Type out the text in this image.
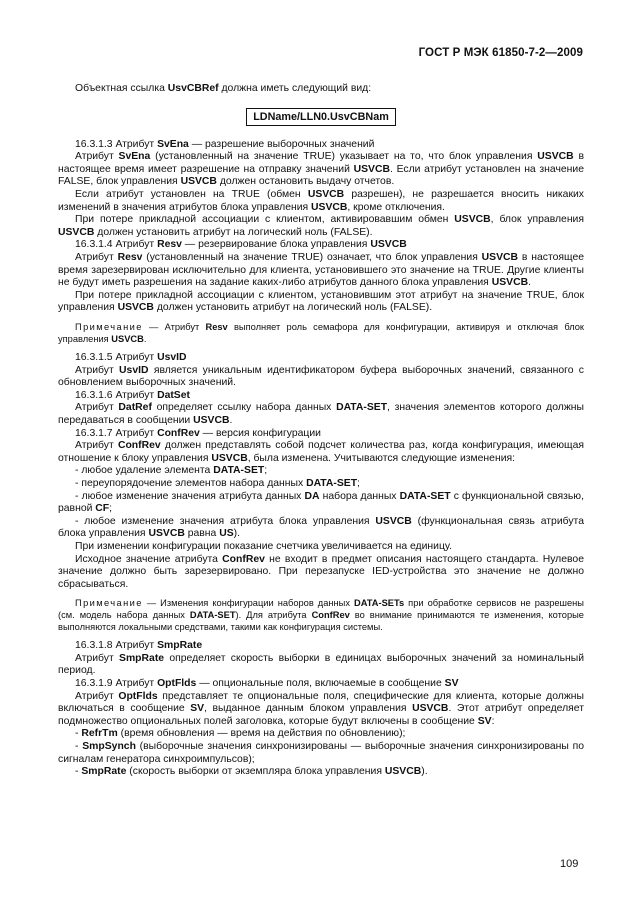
ГОСТ Р МЭК 61850-7-2—2009

Объектная ссылка UsvCBRef должна иметь следующий вид:

LDName/LLN0.UsvCBNam

16.3.1.3 Атрибут SvEna — разрешение выборочных значений

Атрибут SvEna (установленный на значение TRUE) указывает на то, что блок управления USVCB в настоящее время имеет разрешение на отправку значений USVCB. Если атрибут установлен на значение FALSE, блок управления USVCB должен остановить выдачу отчетов.

Если атрибут установлен на TRUE (обмен USVCB разрешен), не разрешается вносить никаких изменений в значения атрибутов блока управления USVCB, кроме отключения.

При потере прикладной ассоциации с клиентом, активировавшим обмен USVCB, блок управления USVCB должен установить атрибут на логический ноль (FALSE).

16.3.1.4 Атрибут Resv — резервирование блока управления USVCB

Атрибут Resv (установленный на значение TRUE) означает, что блок управления USVCB в настоящее время зарезервирован исключительно для клиента, установившего это значение на TRUE. Другие клиенты не будут иметь разрешения на задание каких-либо атрибутов данного блока управления USVCB.

При потере прикладной ассоциации с клиентом, установившим этот атрибут на значение TRUE, блок управления USVCB должен установить атрибут на логический ноль (FALSE).

Примечание — Атрибут Resv выполняет роль семафора для конфигурации, активируя и отключая блок управления USVCB.

16.3.1.5 Атрибут UsvID

Атрибут UsvID является уникальным идентификатором буфера выборочных значений, связанного с обновлением выборочных значений.

16.3.1.6 Атрибут DatSet

Атрибут DatRef определяет ссылку набора данных DATA-SET, значения элементов которого должны передаваться в сообщении USVCB.

16.3.1.7 Атрибут ConfRev — версия конфигурации

Атрибут ConfRev должен представлять собой подсчет количества раз, когда конфигурация, имеющая отношение к блоку управления USVCB, была изменена. Учитываются следующие изменения:

- любое удаление элемента DATA-SET;

- переупорядочение элементов набора данных DATA-SET;

- любое изменение значения атрибута данных DA набора данных DATA-SET с функциональной связью, равной CF;

- любое изменение значения атрибута блока управления USVCB (функциональная связь атрибута блока управления USVCB равна US).

При изменении конфигурации показание счетчика увеличивается на единицу.

Исходное значение атрибута ConfRev не входит в предмет описания настоящего стандарта. Нулевое значение должно быть зарезервировано. При перезапуске IED-устройства это значение не должно сбрасываться.

Примечание — Изменения конфигурации наборов данных DATA-SETs при обработке сервисов не разрешены (см. модель набора данных DATA-SET). Для атрибута ConfRev во внимание принимаются те изменения, которые выполняются локальными средствами, такими как конфигурация системы.

16.3.1.8 Атрибут SmpRate

Атрибут SmpRate определяет скорость выборки в единицах выборочных значений за номинальный период.

16.3.1.9 Атрибут OptFlds — опциональные поля, включаемые в сообщение SV

Атрибут OptFlds представляет те опциональные поля, специфические для клиента, которые должны включаться в сообщение SV, выданное данным блоком управления USVCB. Этот атрибут определяет подмножество опциональных полей заголовка, которые будут включены в сообщение SV:

- RefrTm (время обновления — время на действия по обновлению);

- SmpSynch (выборочные значения синхронизированы — выборочные значения синхронизированы по сигналам генератора синхроимпульсов);

- SmpRate (скорость выборки от экземпляра блока управления USVCB).

109
